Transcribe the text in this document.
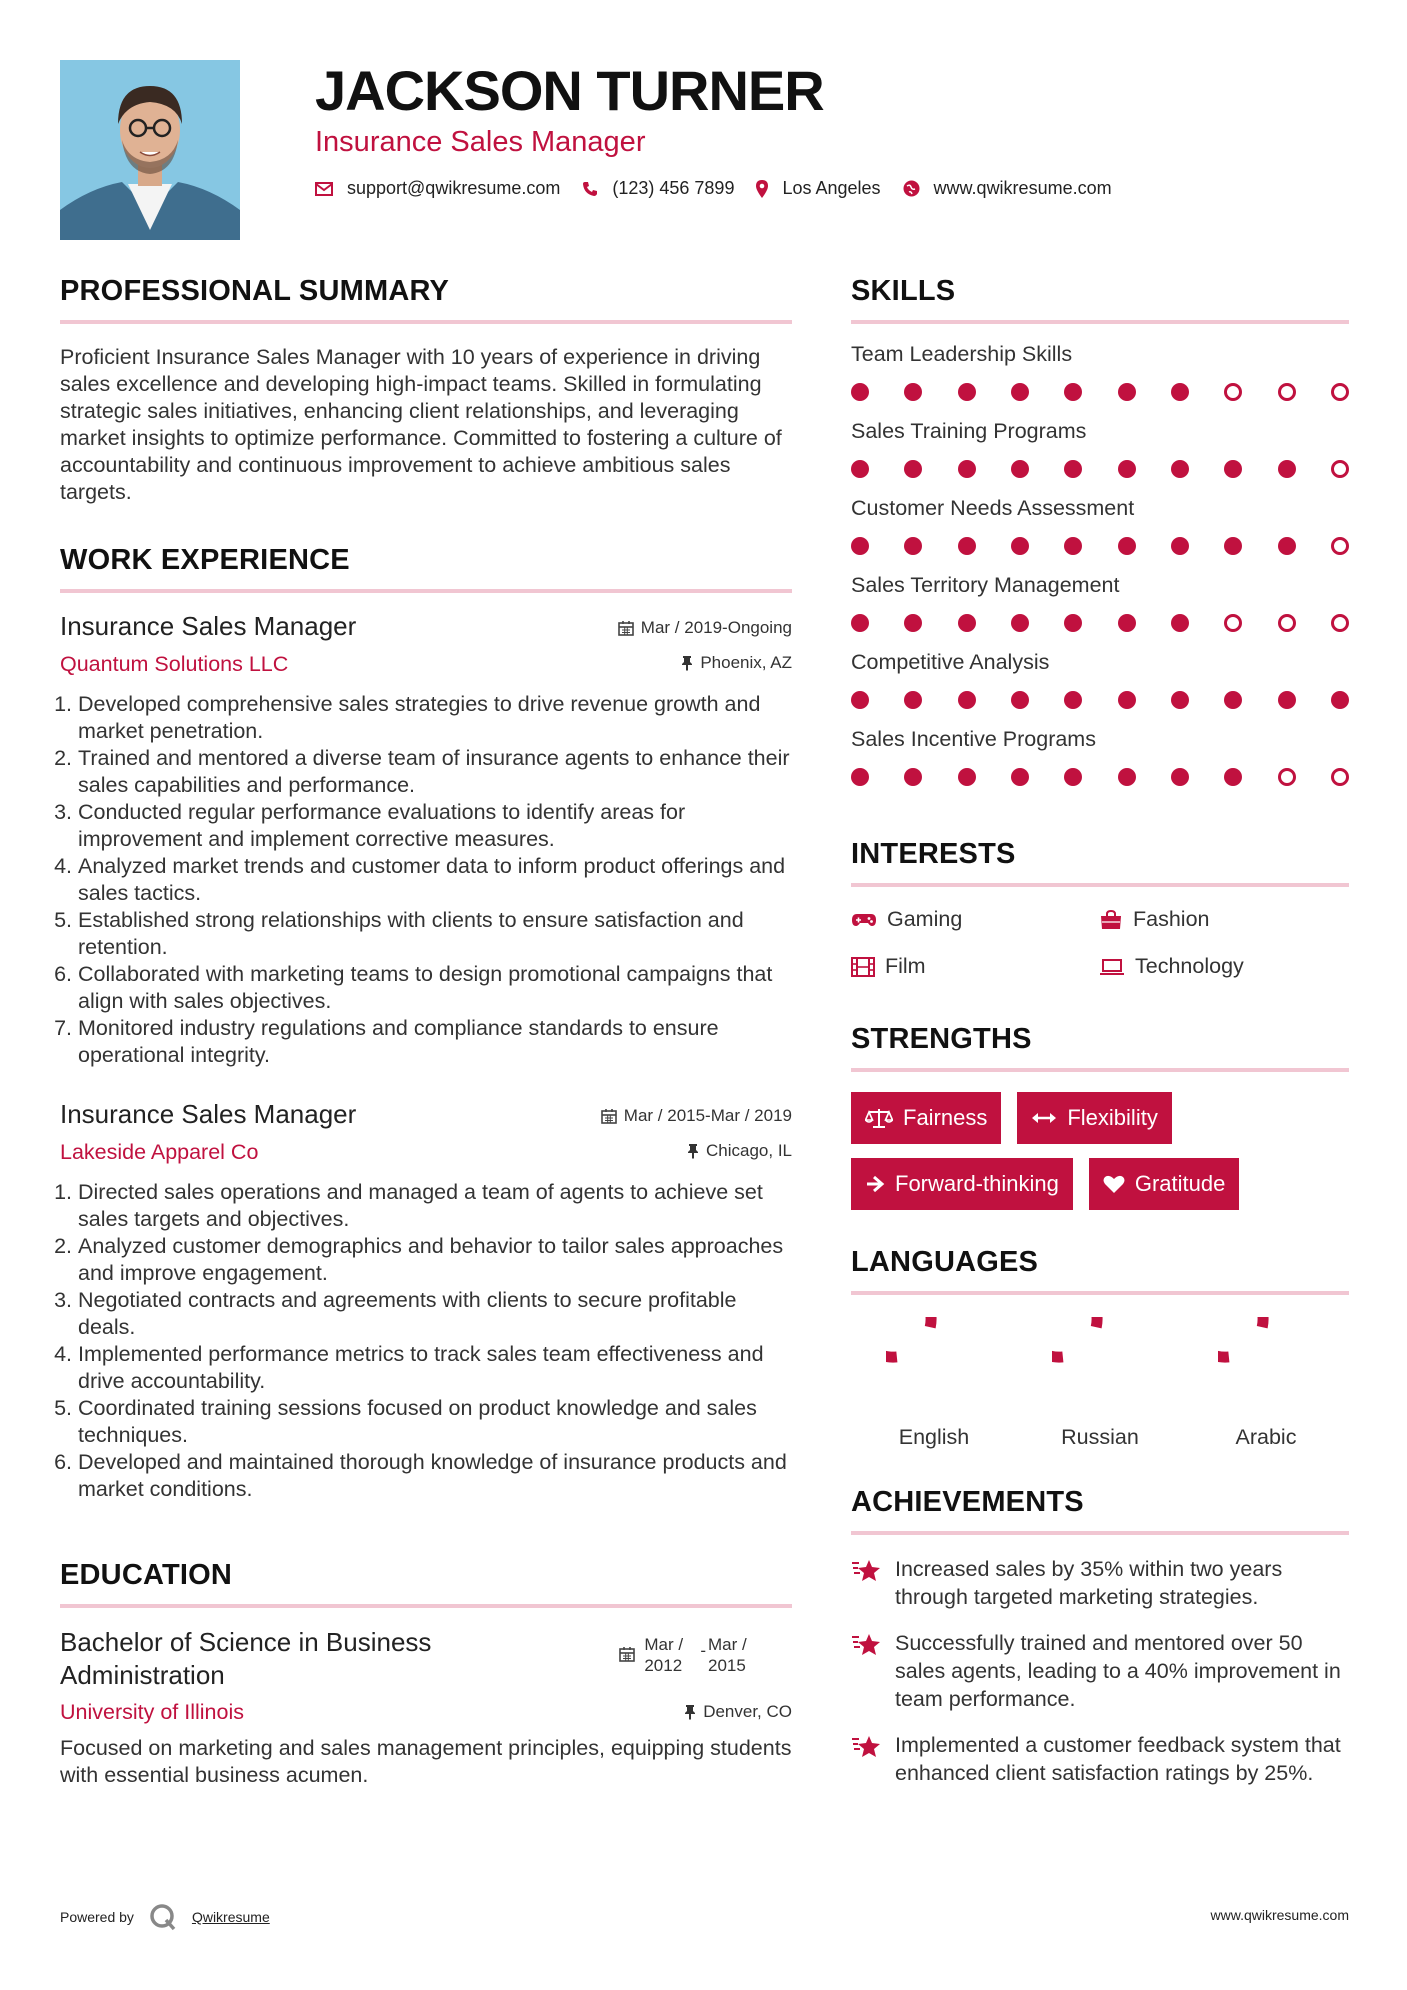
JACKSON TURNER
Insurance Sales Manager
support@qwikresume.com	(123) 456 7899	Los Angeles	www.qwikresume.com
PROFESSIONAL SUMMARY
Proficient Insurance Sales Manager with 10 years of experience in driving sales excellence and developing high-impact teams. Skilled in formulating strategic sales initiatives, enhancing client relationships, and leveraging market insights to optimize performance. Committed to fostering a culture of accountability and continuous improvement to achieve ambitious sales targets.
WORK EXPERIENCE
Insurance Sales Manager
Quantum Solutions LLC
Mar / 2019-Ongoing
Phoenix, AZ
1. Developed comprehensive sales strategies to drive revenue growth and market penetration.
2. Trained and mentored a diverse team of insurance agents to enhance their sales capabilities and performance.
3. Conducted regular performance evaluations to identify areas for improvement and implement corrective measures.
4. Analyzed market trends and customer data to inform product offerings and sales tactics.
5. Established strong relationships with clients to ensure satisfaction and retention.
6. Collaborated with marketing teams to design promotional campaigns that align with sales objectives.
7. Monitored industry regulations and compliance standards to ensure operational integrity.
Insurance Sales Manager
Lakeside Apparel Co
Mar / 2015-Mar / 2019
Chicago, IL
1. Directed sales operations and managed a team of agents to achieve set sales targets and objectives.
2. Analyzed customer demographics and behavior to tailor sales approaches and improve engagement.
3. Negotiated contracts and agreements with clients to secure profitable deals.
4. Implemented performance metrics to track sales team effectiveness and drive accountability.
5. Coordinated training sessions focused on product knowledge and sales techniques.
6. Developed and maintained thorough knowledge of insurance products and market conditions.
EDUCATION
Bachelor of Science in Business Administration
University of Illinois
Mar / 2012
- Mar / 2015
Denver, CO
Focused on marketing and sales management principles, equipping students with essential business acumen.
SKILLS
Team Leadership Skills
Sales Training Programs
Customer Needs Assessment
Sales Territory Management
Competitive Analysis
Sales Incentive Programs
INTERESTS
Gaming	Fashion
Film	Technology
STRENGTHS
Fairness	Flexibility
Forward-thinking	Gratitude
LANGUAGES
English	Russian	Arabic
ACHIEVEMENTS
Increased sales by 35% within two years through targeted marketing strategies.
Successfully trained and mentored over 50 sales agents, leading to a 40% improvement in team performance.
Implemented a customer feedback system that enhanced client satisfaction ratings by 25%.
Powered by	Qwikresume	www.qwikresume.com
